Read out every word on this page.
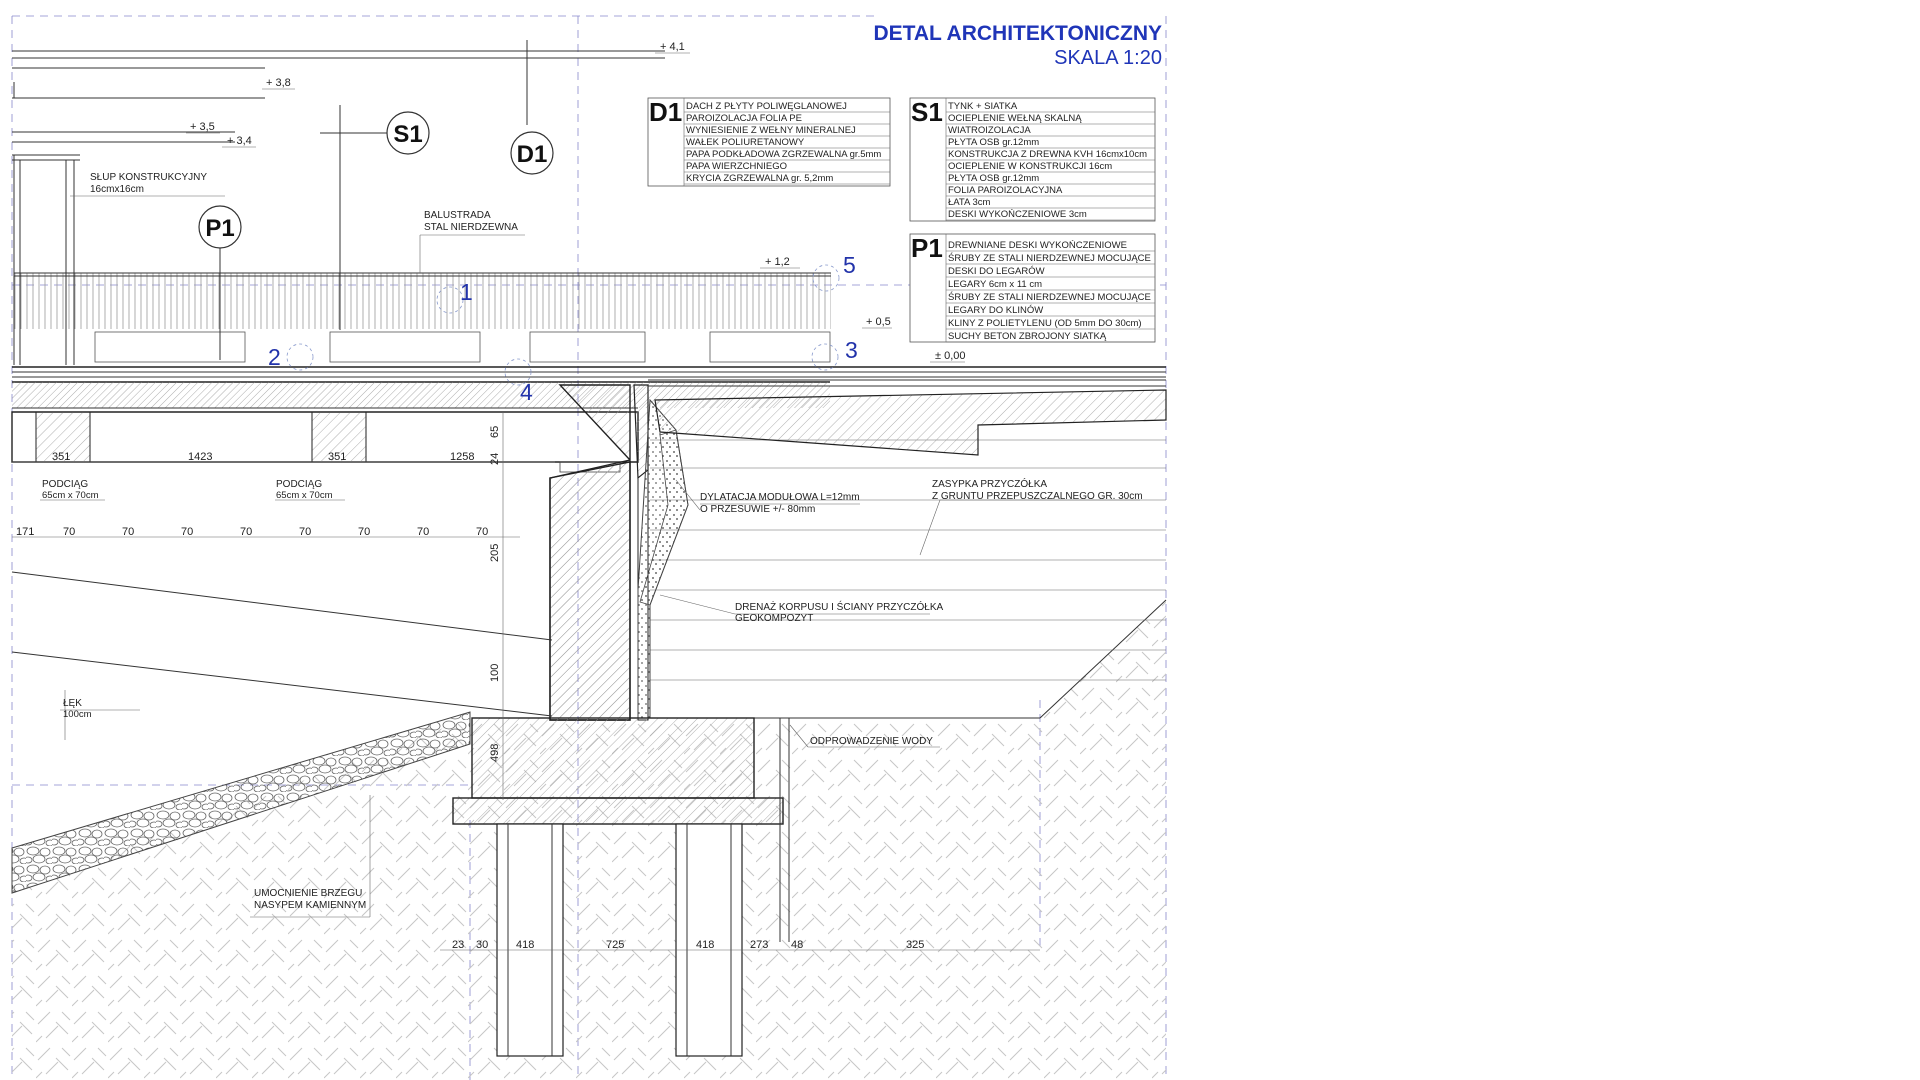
S1
D1
P1
+ 4,1
+ 3,8
+ 3,5
+ 3,4
+ 1,2
+ 0,5
± 0,00
1
2	3
4
5
SŁUP KONSTRUKCYJNY
16cmx16cm
BALUSTRADA
STAL NIERDZEWNA
PODCIĄG
65cm x 70cm
PODCIĄG
65cm x 70cm	DYLATACJA MODUŁOWA L=12mm
O PRZESUWIE +/- 80mm
ZASYPKA PRZYCZÓŁKA
Z GRUNTU PRZEPUSZCZALNEGO GR. 30cm
DRENAŻ KORPUSU I ŚCIANY PRZYCZÓŁKA
GEOKOMPOZYT
ŁĘK
100cm
ODPROWADZENIE WODY
UMOCNIENIE BRZEGU
NASYPEM KAMIENNYM
351	1423	351	1258 24
65
205
100
498
171	70	70	70	70	70	70	70	70
23 30	418	725	418	273 48	325
DETAL ARCHITEKTONICZNY
SKALA 1:20
D1 DACH Z PŁYTY POLIWĘGLANOWEJ
PAROIZOLACJA FOLIA PE
WYNIESIENIE Z WEŁNY MINERALNEJ
WAŁEK POLIURETANOWY
PAPA PODKŁADOWA ZGRZEWALNA gr.5mm
PAPA WIERZCHNIEGO
KRYCIA ZGRZEWALNA gr. 5,2mm
S1 TYNK + SIATKA
OCIEPLENIE WEŁNĄ SKALNĄ
WIATROIZOLACJA
PŁYTA OSB gr.12mm
KONSTRUKCJA Z DREWNA KVH 16cmx10cm
OCIEPLENIE W KONSTRUKCJI 16cm
PŁYTA OSB gr.12mm
FOLIA PAROIZOLACYJNA
ŁATA 3cm
DESKI WYKOŃCZENIOWE 3cm
P1 DREWNIANE DESKI WYKOŃCZENIOWE
ŚRUBY ZE STALI NIERDZEWNEJ MOCUJĄCE
DESKI DO LEGARÓW
LEGARY 6cm x 11 cm
ŚRUBY ZE STALI NIERDZEWNEJ MOCUJĄCE
LEGARY DO KLINÓW
KLINY Z POLIETYLENU (OD 5mm DO 30cm)
SUCHY BETON ZBROJONY SIATKĄ
